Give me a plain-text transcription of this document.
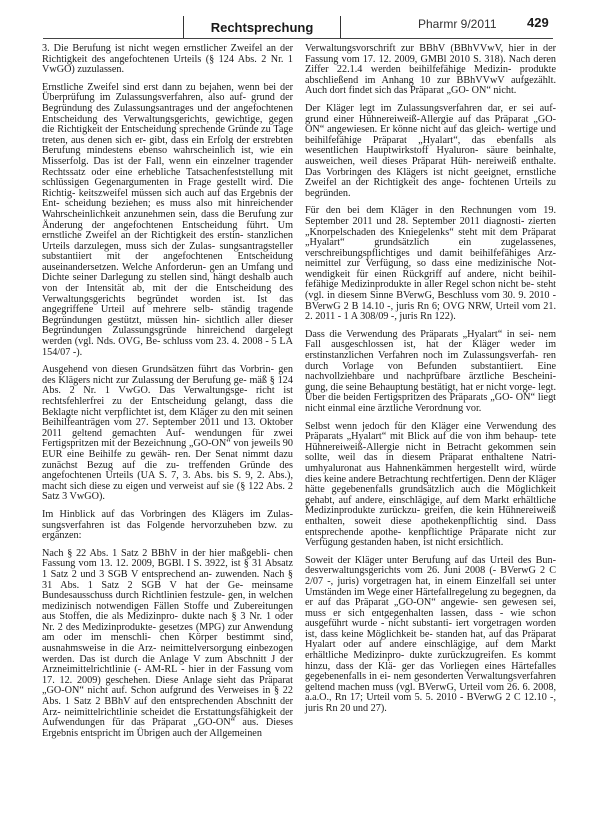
Rechtsprechung	Pharmr 9/2011 429

3. Die Berufung ist nicht wegen ernstlicher Zweifel an der Richtigkeit des angefochtenen Urteils (§ 124 Abs. 2 Nr. 1 VwGO) zuzulassen.

Ernstliche Zweifel sind erst dann zu bejahen, wenn bei der Überprüfung im Zulassungsverfahren, also auf- grund der Begründung des Zulassungsantrages und der angefochtenen Entscheidung des Verwaltungsgerichts, gewichtige, gegen die Richtigkeit der Entscheidung sprechende Gründe zu Tage treten, aus denen sich er- gibt, dass ein Erfolg der erstrebten Berufung mindestens ebenso wahrscheinlich ist, wie ein Misserfolg. Das ist der Fall, wenn ein einzelner tragender Rechtssatz oder eine erhebliche Tatsachenfeststellung mit schlüssigen Gegenargumenten in Frage gestellt wird. Die Richtig- keitszweifel müssen sich auch auf das Ergebnis der Ent- scheidung beziehen; es muss also mit hinreichender Wahrscheinlichkeit anzunehmen sein, dass die Berufung zur Änderung der angefochtenen Entscheidung führt. Um ernstliche Zweifel an der Richtigkeit des erstin- stanzlichen Urteils darzulegen, muss sich der Zulas- sungsantragsteller substantiiert mit der angefochtenen Entscheidung auseinandersetzen. Welche Anforderun- gen an Umfang und Dichte seiner Darlegung zu stellen sind, hängt deshalb auch von der Intensität ab, mit der die Entscheidung des Verwaltungsgerichts begründet worden ist. Ist das angegriffene Urteil auf mehrere selb- ständig tragende Begründungen gestützt, müssen hin- sichtlich aller dieser Begründungen Zulassungsgründe hinreichend dargelegt werden (vgl. Nds. OVG, Be- schluss vom 23. 4. 2008 - 5 LA 154/07 -).

Ausgehend von diesen Grundsätzen führt das Vorbrin- gen des Klägers nicht zur Zulassung der Berufung ge- mäß § 124 Abs. 2 Nr. 1 VwGO. Das Verwaltungsge- richt ist rechtsfehlerfrei zu der Entscheidung gelangt, dass die Beklagte nicht verpflichtet ist, dem Kläger zu den mit seinen Beihilfeanträgen vom 27. September 2011 und 13. Oktober 2011 geltend gemachten Auf- wendungen für zwei Fertigspritzen mit der Bezeichnung „GO-ON“ von jeweils 90 EUR eine Beihilfe zu gewäh- ren. Der Senat nimmt dazu zunächst Bezug auf die zu- treffenden Gründe des angefochtenen Urteils (UA S. 7, 3. Abs. bis S. 9, 2. Abs.), macht sich diese zu eigen und verweist auf sie (§ 122 Abs. 2 Satz 3 VwGO).

Im Hinblick auf das Vorbringen des Klägers im Zulas- sungsverfahren ist das Folgende hervorzuheben bzw. zu ergänzen:

Nach § 22 Abs. 1 Satz 2 BBhV in der hier maßgebli- chen Fassung vom 13. 12. 2009, BGBl. I S. 3922, ist § 31 Absatz 1 Satz 2 und 3 SGB V entsprechend an- zuwenden. Nach § 31 Abs. 1 Satz 2 SGB V hat der Ge- meinsame Bundesausschuss durch Richtlinien festzule- gen, in welchen medizinisch notwendigen Fällen Stoffe und Zubereitungen aus Stoffen, die als Medizinpro- dukte nach § 3 Nr. 1 oder Nr. 2 des Medizinprodukte- gesetzes (MPG) zur Anwendung am oder im menschli- chen Körper bestimmt sind, ausnahmsweise in die Arz- neimittelversorgung einbezogen werden. Das ist durch die Anlage V zum Abschnitt J der Arzneimittelrichtlinie (- AM-RL - hier in der Fassung vom 17. 12. 2009) geschehen. Diese Anlage sieht das Präparat „GO-ON“ nicht auf. Schon aufgrund des Verweises in § 22 Abs. 1 Satz 2 BBhV auf den entsprechenden Abschnitt der Arz- neimittelrichtlinie scheidet die Erstattungsfähigkeit der Aufwendungen für das Präparat „GO-ON“ aus. Dieses Ergebnis entspricht im Übrigen auch der Allgemeinen

Verwaltungsvorschrift zur BBhV (BBhVVwV, hier in der Fassung vom 17. 12. 2009, GMBl 2010 S. 318). Nach deren Ziffer 22.1.4 werden beihilfefähige Medizin- produkte abschließend im Anhang 10 zur BBhVVwV aufgezählt. Auch dort findet sich das Präparat „GO- ON“ nicht.

Der Kläger legt im Zulassungsverfahren dar, er sei auf- grund einer Hühnereiweiß-Allergie auf das Präparat „GO-ON“ angewiesen. Er könne nicht auf das gleich- wertige und beihilfefähige Präparat „Hyalart“, das ebenfalls als wesentlichen Hauptwirkstoff Hyaluron- säure beinhalte, ausweichen, weil dieses Präparat Hüh- nereiweiß enthalte. Das Vorbringen des Klägers ist nicht geeignet, ernstliche Zweifel an der Richtigkeit des ange- fochtenen Urteils zu begründen.

Für den bei dem Kläger in den Rechnungen vom 19. September 2011 und 28. September 2011 diagnosti- zierten „Knorpelschaden des Kniegelenks“ steht mit dem Präparat „Hyalart“ grundsätzlich ein zugelassenes, verschreibungspflichtiges und damit beihilfefähiges Arz- neimittel zur Verfügung, so dass eine medizinische Not- wendigkeit für einen Rückgriff auf andere, nicht beihil- fefähige Medizinprodukte in aller Regel schon nicht be- steht (vgl. in diesem Sinne BVerwG, Beschluss vom 30. 9. 2010 - BVerwG 2 B 14.10 -, juris Rn 6; OVG NRW, Urteil vom 21. 2. 2011 - 1 A 308/09 -, juris Rn 122).

Dass die Verwendung des Präparats „Hyalart“ in sei- nem Fall ausgeschlossen ist, hat der Kläger weder im erstinstanzlichen Verfahren noch im Zulassungsverfah- ren durch Vorlage von Befunden substantiiert. Eine nachvollziehbare und nachprüfbare ärztliche Bescheini- gung, die seine Behauptung bestätigt, hat er nicht vorge- legt. Über die beiden Fertigspritzen des Präparats „GO- ON“ liegt nicht einmal eine ärztliche Verordnung vor.

Selbst wenn jedoch für den Kläger eine Verwendung des Präparats „Hyalart“ mit Blick auf die von ihm behaup- tete Hühnereiweiß-Allergie nicht in Betracht gekommen sein sollte, weil das in diesem Präparat enthaltene Natri- umhyaluronat aus Hahnenkämmen hergestellt wird, würde dies keine andere Betrachtung rechtfertigen. Denn der Kläger hätte gegebenenfalls grundsätzlich auch die Möglichkeit gehabt, auf andere, einschlägige, auf dem Markt erhältliche Medizinprodukte zurückzu- greifen, die kein Hühnereiweiß enthalten, soweit diese apothekenpflichtig sind. Dass entsprechende apothe- kenpflichtige Präparate nicht zur Verfügung gestanden haben, ist nicht ersichtlich.

Soweit der Kläger unter Berufung auf das Urteil des Bun- desverwaltungsgerichts vom 26. Juni 2008 (- BVerwG 2 C 2/07 -, juris) vorgetragen hat, in einem Einzelfall sei unter Umständen im Wege einer Härtefallregelung zu begegnen, da er auf das Präparat „GO-ON“ angewie- sen gewesen sei, muss er sich entgegenhalten lassen, dass - wie schon ausgeführt wurde - nicht substanti- iert vorgetragen worden ist, dass keine Möglichkeit be- standen hat, auf das Präparat Hyalart oder auf andere einschlägige, auf dem Markt erhältliche Medizinpro- dukte zurückzugreifen. Es kommt hinzu, dass der Klä- ger das Vorliegen eines Härtefalles gegebenenfalls in ei- nem gesonderten Verwaltungsverfahren geltend machen muss (vgl. BVerwG, Urteil vom 26. 6. 2008, a.a.O., Rn 17; Urteil vom 5. 5. 2010 - BVerwG 2 C 12.10 -, juris Rn 20 und 27).
